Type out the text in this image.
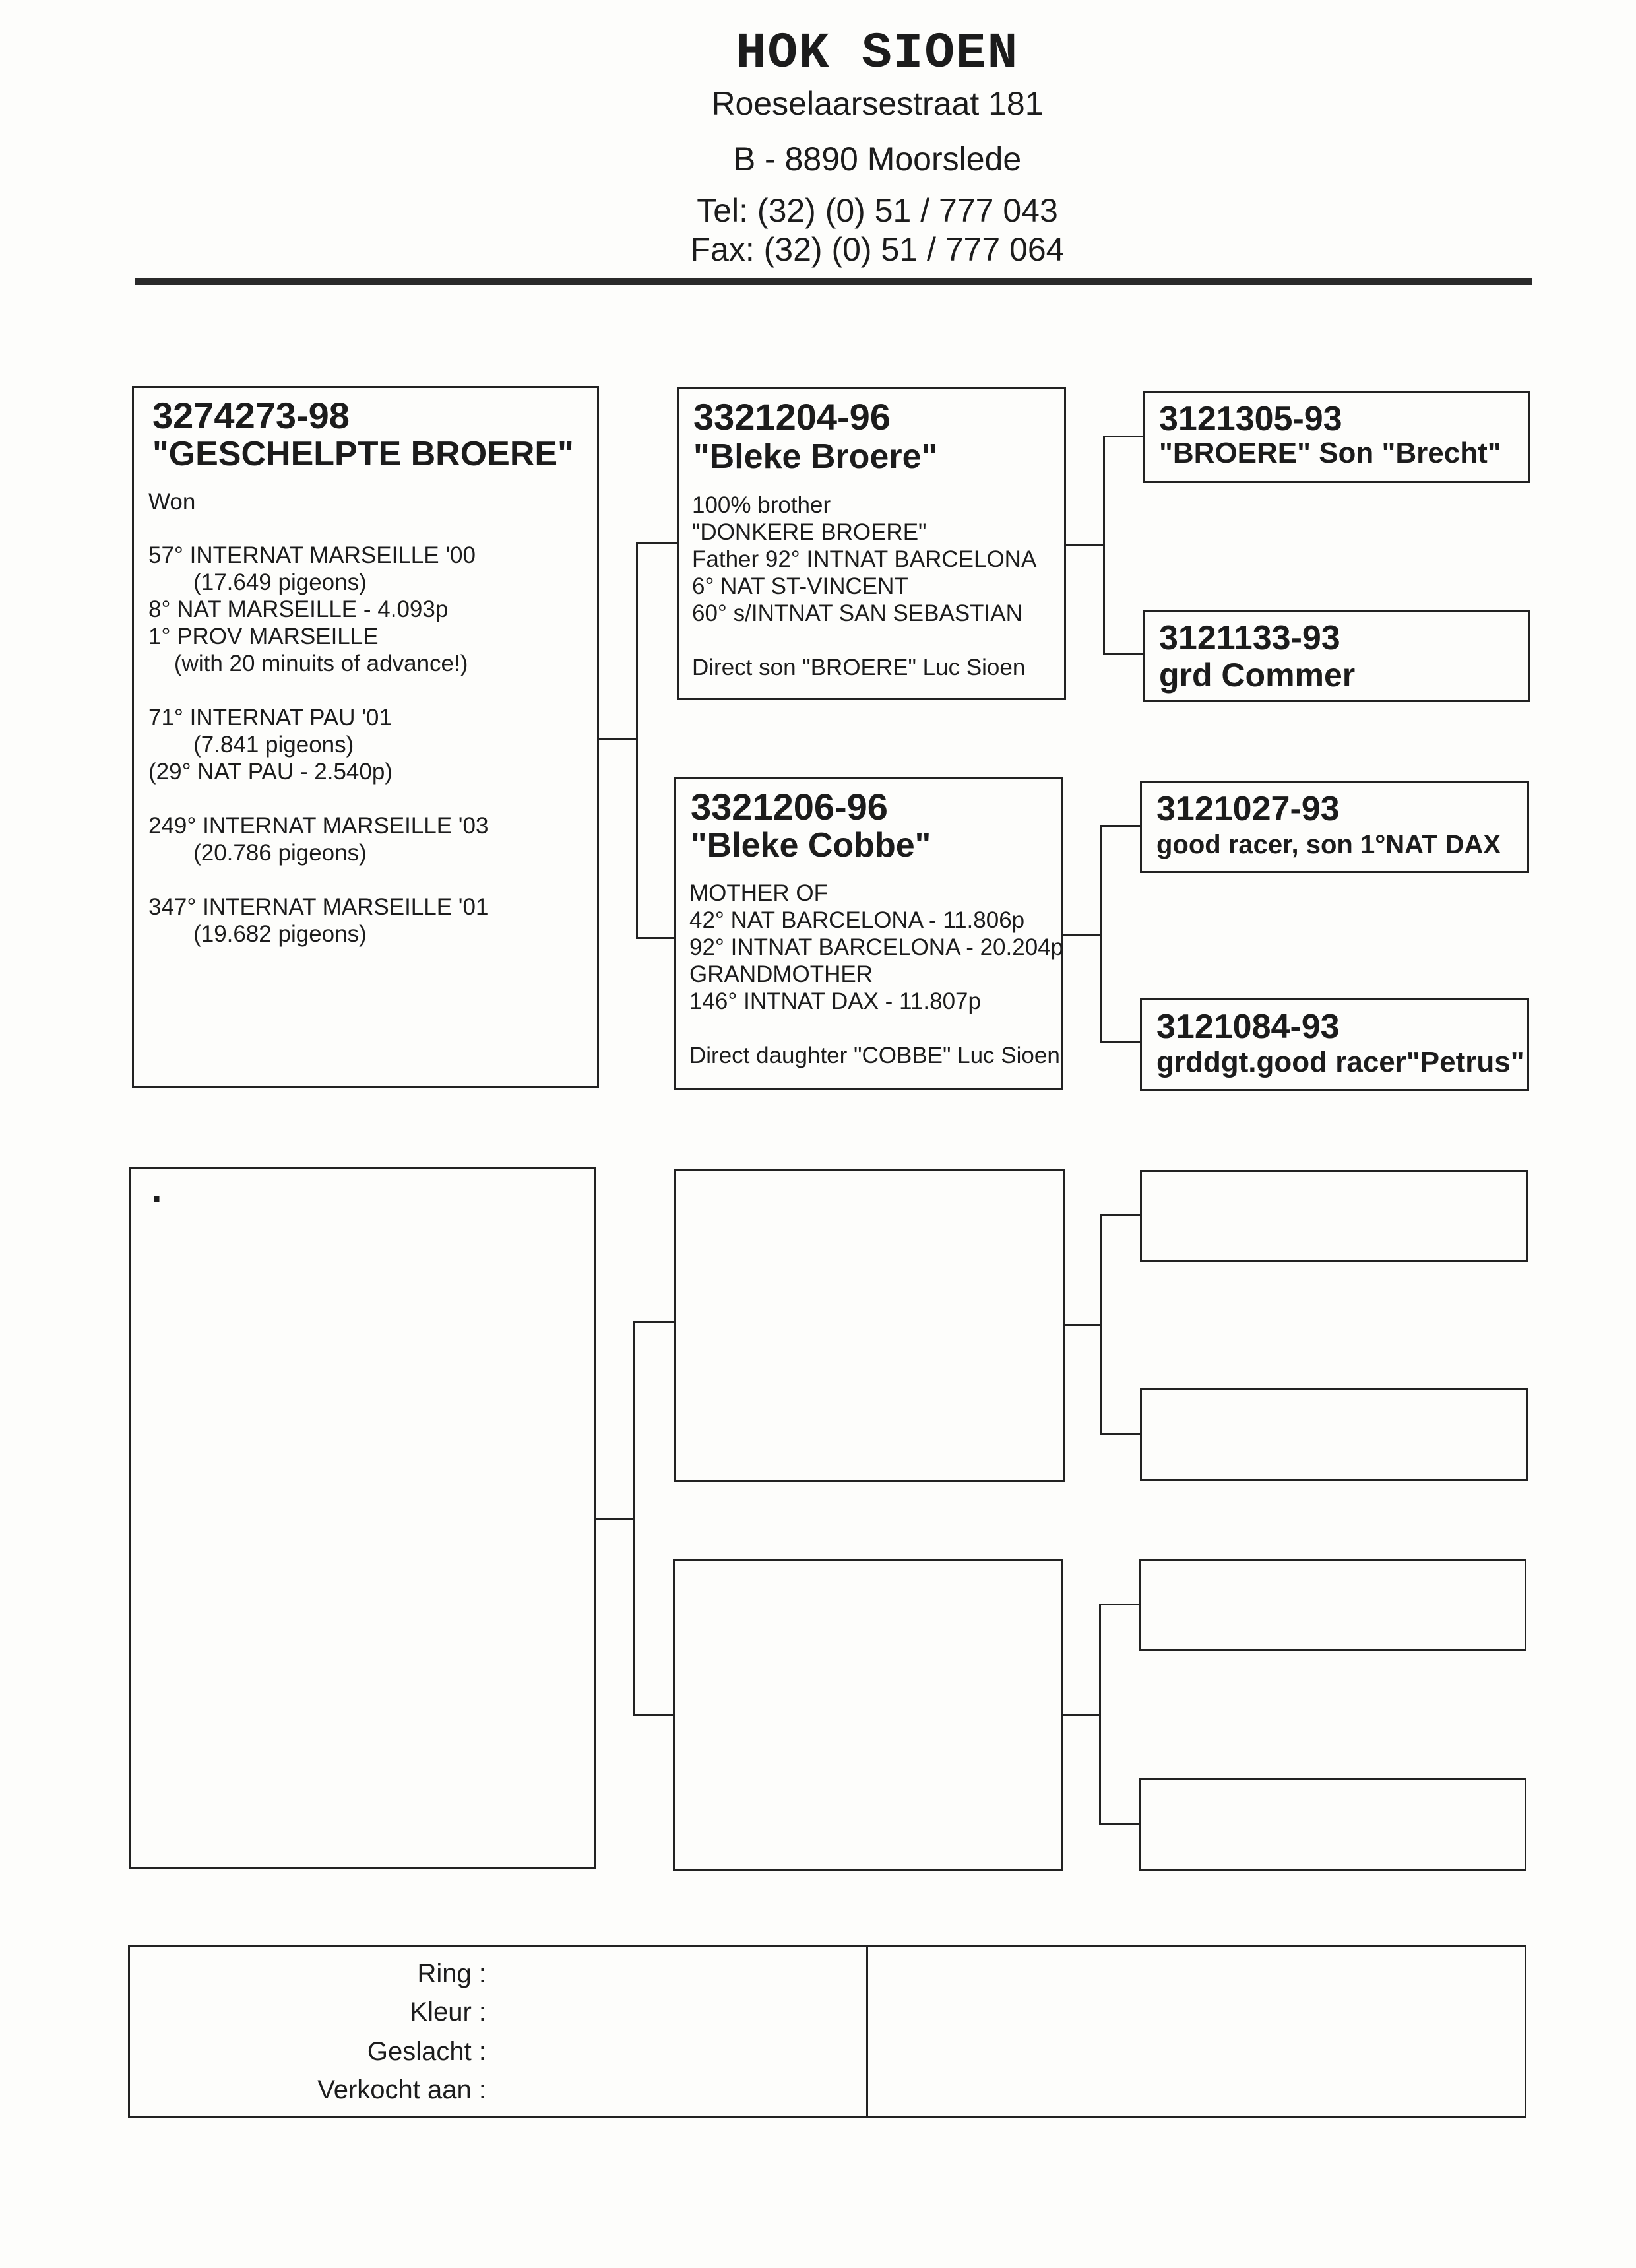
HOK SIOEN
Roeselaarsestraat 181
B - 8890 Moorslede
Tel: (32) (0) 51 / 777 043
Fax: (32) (0) 51 / 777 064
3274273-98
"GESCHELPTE BROERE"
Won
57° INTERNAT MARSEILLE '00
(17.649 pigeons)
8° NAT MARSEILLE - 4.093p
1° PROV MARSEILLE
(with 20 minuits of advance!)

71° INTERNAT PAU '01
(7.841 pigeons)
(29° NAT PAU - 2.540p)

249° INTERNAT MARSEILLE '03
(20.786 pigeons)

347° INTERNAT MARSEILLE '01
(19.682 pigeons)
3321204-96
"Bleke Broere"
100% brother
"DONKERE BROERE"
Father 92° INTNAT BARCELONA
6° NAT ST-VINCENT
60° s/INTNAT SAN SEBASTIAN

Direct son "BROERE" Luc Sioen
3321206-96
"Bleke Cobbe"
MOTHER OF
42° NAT BARCELONA - 11.806p
92° INTNAT BARCELONA - 20.204p
GRANDMOTHER
146° INTNAT DAX - 11.807p

Direct daughter "COBBE" Luc Sioen
3121305-93
"BROERE" Son "Brecht"
3121133-93
grd Commer
3121027-93
good racer, son 1°NAT DAX
3121084-93
grddgt.good racer"Petrus"
.
Ring :
Kleur :
Geslacht :
Verkocht aan :
